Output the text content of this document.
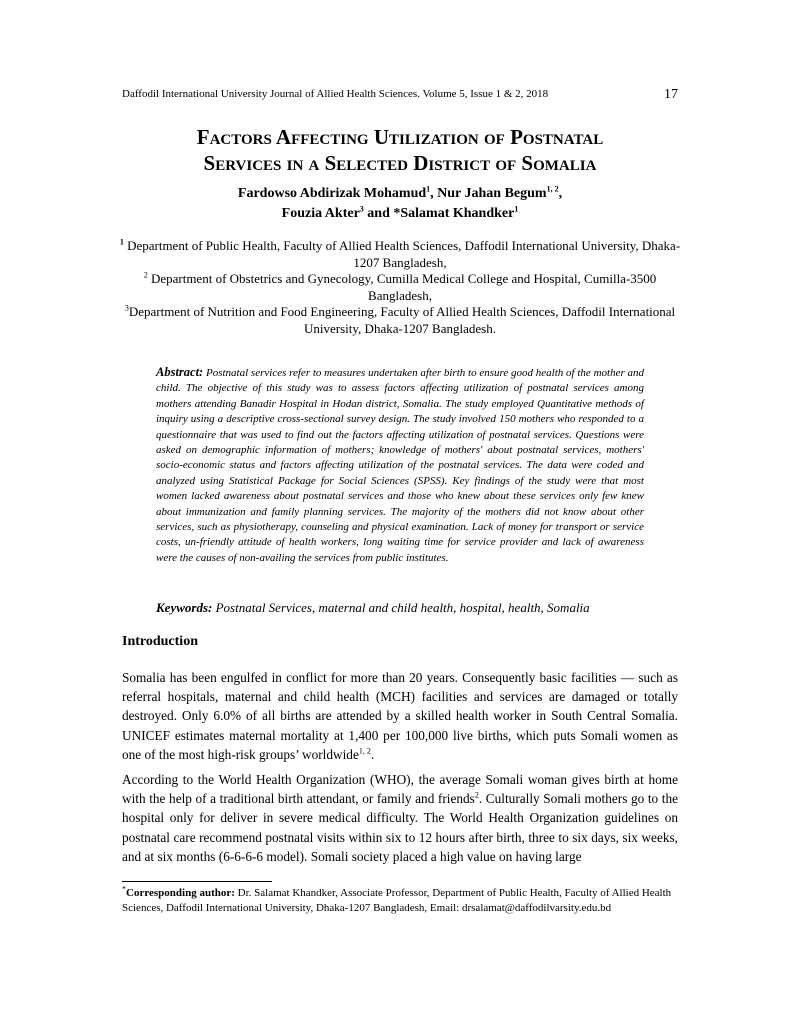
Daffodil International University Journal of Allied Health Sciences. Volume 5, Issue 1 & 2, 2018	17
Factors Affecting Utilization of Postnatal
Services in a Selected District of Somalia
Fardowso Abdirizak Mohamud$^1$, Nur Jahan Begum$^{1, 2}$,
Fouzia Akter$^3$ and *Salamat Khandker$^1$

$^1$ Department of Public Health, Faculty of Allied Health Sciences, Daffodil International University, Dhaka-1207 Bangladesh,

$^2$ Department of Obstetrics and Gynecology, Cumilla Medical College and Hospital, Cumilla-3500 Bangladesh,

$^3$Department of Nutrition and Food Engineering, Faculty of Allied Health Sciences, Daffodil International University, Dhaka-1207 Bangladesh.

Abstract: Postnatal services refer to measures undertaken after birth to ensure good health of the mother and child. The objective of this study was to assess factors affecting utilization of postnatal services among mothers attending Banadir Hospital in Hodan district, Somalia. The study employed Quantitative methods of inquiry using a descriptive cross-sectional survey design. The study involved 150 mothers who responded to a questionnaire that was used to find out the factors affecting utilization of postnatal services. Questions were asked on demographic information of mothers; knowledge of mothers' about postnatal services, mothers' socio-economic status and factors affecting utilization of the postnatal services. The data were coded and analyzed using Statistical Package for Social Sciences (SPSS). Key findings of the study were that most women lacked awareness about postnatal services and those who knew about these services only few knew about immunization and family planning services. The majority of the mothers did not know about other services, such as physiotherapy, counseling and physical examination. Lack of money for transport or service costs, un-friendly attitude of health workers, long waiting time for service provider and lack of awareness were the causes of non-availing the services from public institutes.

Keywords: Postnatal Services, maternal and child health, hospital, health, Somalia

Introduction

Somalia has been engulfed in conflict for more than 20 years. Consequently basic facilities — such as referral hospitals, maternal and child health (MCH) facilities and services are damaged or totally destroyed. Only 6.0% of all births are attended by a skilled health worker in South Central Somalia. UNICEF estimates maternal mortality at 1,400 per 100,000 live births, which puts Somali women as one of the most high-risk groups’ worldwide$^{1, 2}$.

According to the World Health Organization (WHO), the average Somali woman gives birth at home with the help of a traditional birth attendant, or family and friends$^2$. Culturally Somali mothers go to the hospital only for deliver in severe medical difficulty. The World Health Organization guidelines on postnatal care recommend postnatal visits within six to 12 hours after birth, three to six days, six weeks, and at six months (6-6-6-6 model). Somali society placed a high value on having large

*Corresponding author: Dr. Salamat Khandker, Associate Professor, Department of Public Health, Faculty of Allied Health Sciences, Daffodil International University, Dhaka-1207 Bangladesh, Email: drsalamat@daffodilvarsity.edu.bd
